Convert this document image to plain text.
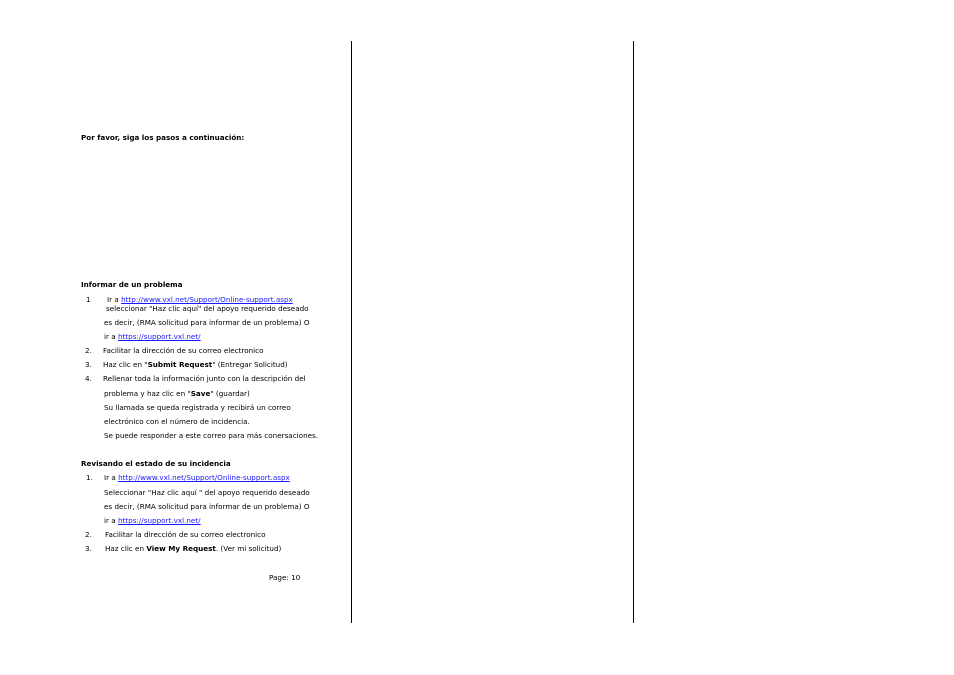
Por favor, siga los pasos a continuación:
Informar de un problema
1 Ir a http://www.vxl.net/Support/Online-support.aspx
seleccionar "Haz clic aquí" del apoyo requerido deseado
es decir, (RMA solicitud para informar de un problema) O
ir a https://support.vxl.net/
2. Facilitar la dirección de su correo electronico
3. Haz clic en "Submit Request" (Entregar Solicitud)
4. Rellenar toda la información junto con la descripción del
problema y haz clic en "Save" (guardar)
Su llamada se queda registrada y recibirá un correo
electrónico con el número de incidencia.
Se puede responder a este correo para más conersaciones.
Revisando el estado de su incidencia
1. Ir a http://www.vxl.net/Support/Online-support.aspx
Seleccionar "Haz clic aquí " del apoyo requerido deseado
es decir, (RMA solicitud para informar de un problema) O
ir a https://support.vxl.net/
2. Facilitar la dirección de su correo electronico
3. Haz clic en View My Request. (Ver mi solicitud)
Page: 10
